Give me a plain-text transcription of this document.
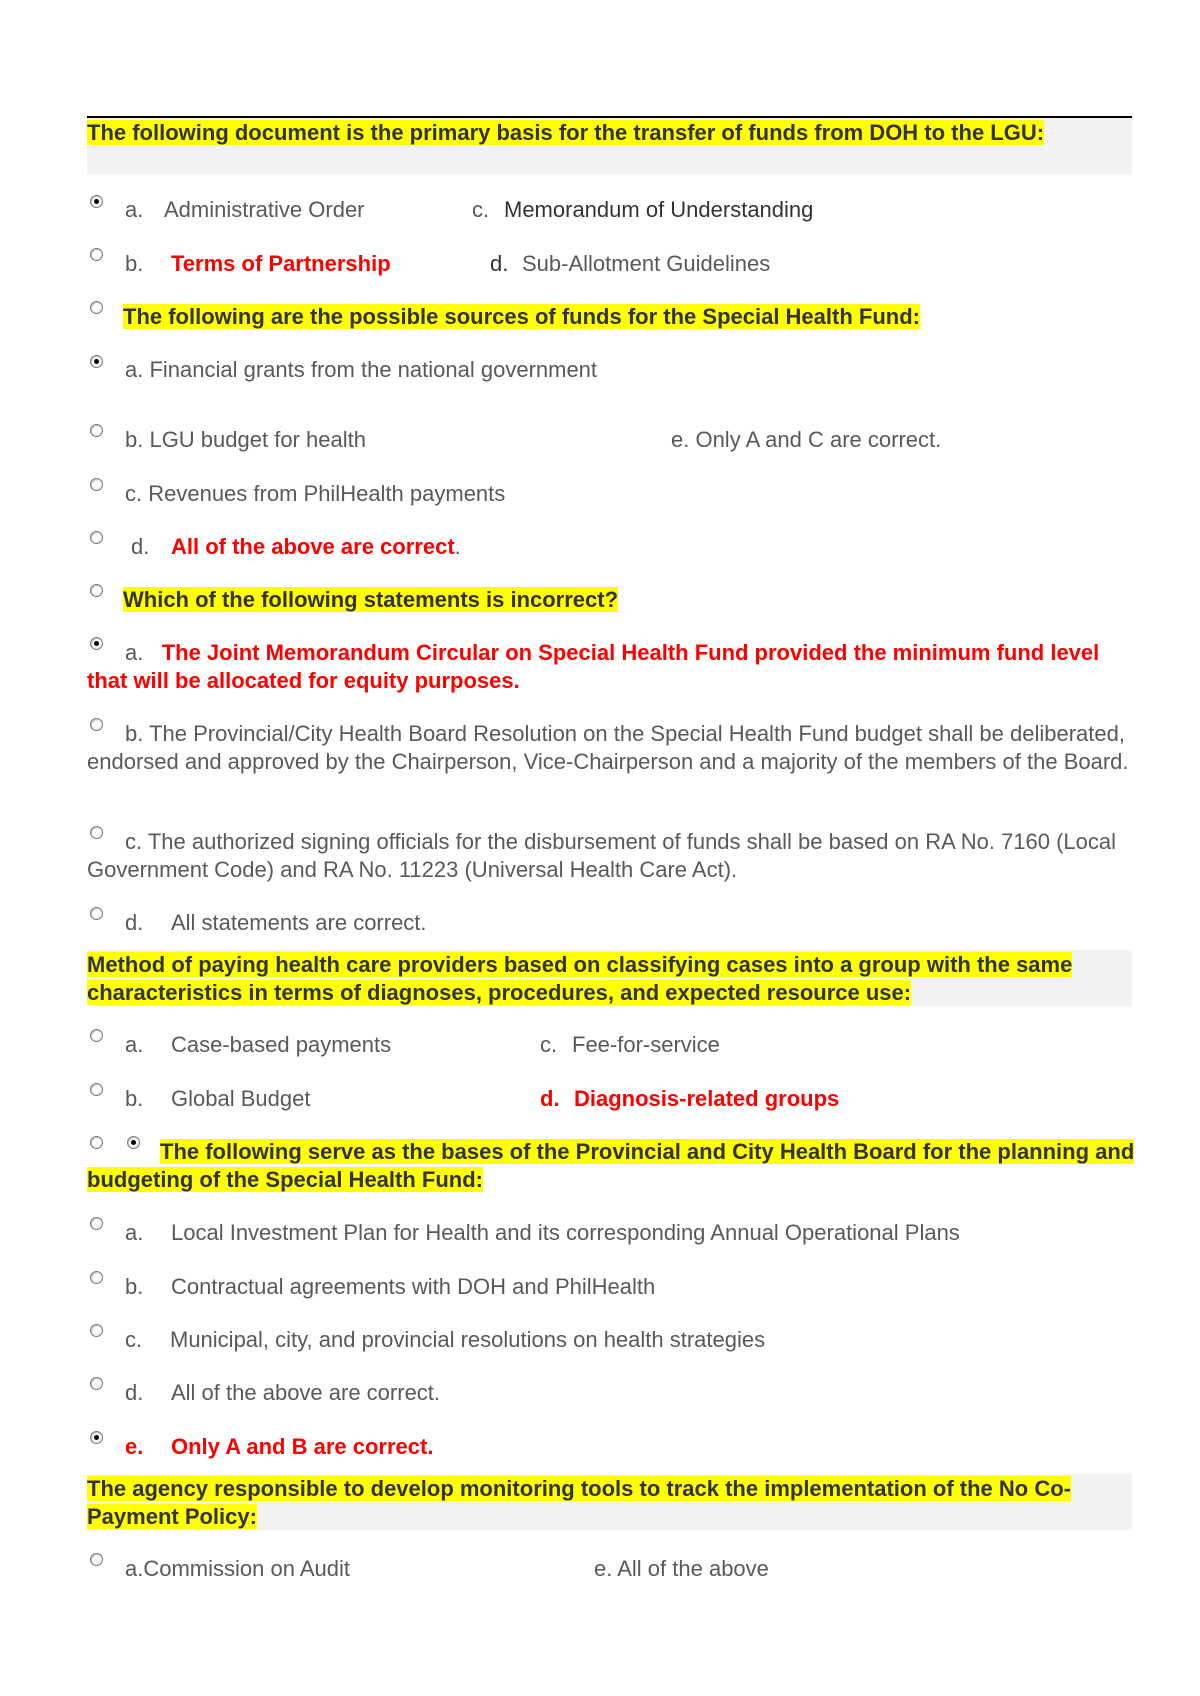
The following document is the primary basis for the transfer of funds from DOH to the LGU:
a. Administrative Order	c. Memorandum of Understanding
b. Terms of Partnership	d. Sub-Allotment Guidelines
The following are the possible sources of funds for the Special Health Fund:
a. Financial grants from the national government
b. LGU budget for health	e. Only A and C are correct.
c. Revenues from PhilHealth payments
d. All of the above are correct.
Which of the following statements is incorrect?
a. The Joint Memorandum Circular on Special Health Fund provided the minimum fund level that will be allocated for equity purposes.
b. The Provincial/City Health Board Resolution on the Special Health Fund budget shall be deliberated, endorsed and approved by the Chairperson, Vice-Chairperson and a majority of the members of the Board.
c. The authorized signing officials for the disbursement of funds shall be based on RA No. 7160 (Local Government Code) and RA No. 11223 (Universal Health Care Act).
d. All statements are correct.
Method of paying health care providers based on classifying cases into a group with the same characteristics in terms of diagnoses, procedures, and expected resource use:
a. Case-based payments	c. Fee-for-service
b. Global Budget	d. Diagnosis-related groups
The following serve as the bases of the Provincial and City Health Board for the planning and budgeting of the Special Health Fund:
a. Local Investment Plan for Health and its corresponding Annual Operational Plans
b. Contractual agreements with DOH and PhilHealth
c. Municipal, city, and provincial resolutions on health strategies
d. All of the above are correct.
e. Only A and B are correct.
The agency responsible to develop monitoring tools to track the implementation of the No Co-Payment Policy:
a.Commission on Audit	e. All of the above
